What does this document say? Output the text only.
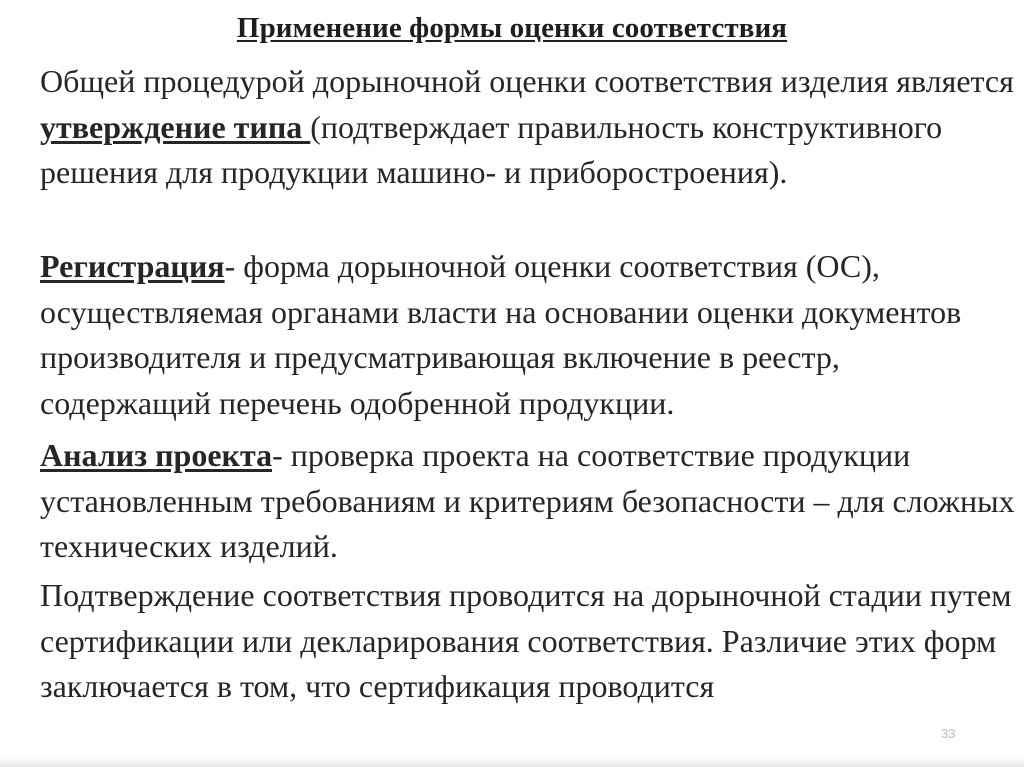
Применение формы оценки соответствия
Общей процедурой дорыночной оценки соответствия изделия является утверждение типа (подтверждает правильность конструктивного решения для продукции машино- и приборостроения).
Регистрация- форма дорыночной оценки соответствия (ОС), осуществляемая органами власти на основании оценки документов производителя и предусматривающая включение в реестр, содержащий перечень одобренной продукции.
Анализ проекта- проверка проекта на соответствие продукции установленным требованиям и критериям безопасности – для сложных технических изделий.
Подтверждение соответствия проводится на дорыночной стадии путем сертификации или декларирования соответствия. Различие этих форм заключается в том, что сертификация проводится
33
